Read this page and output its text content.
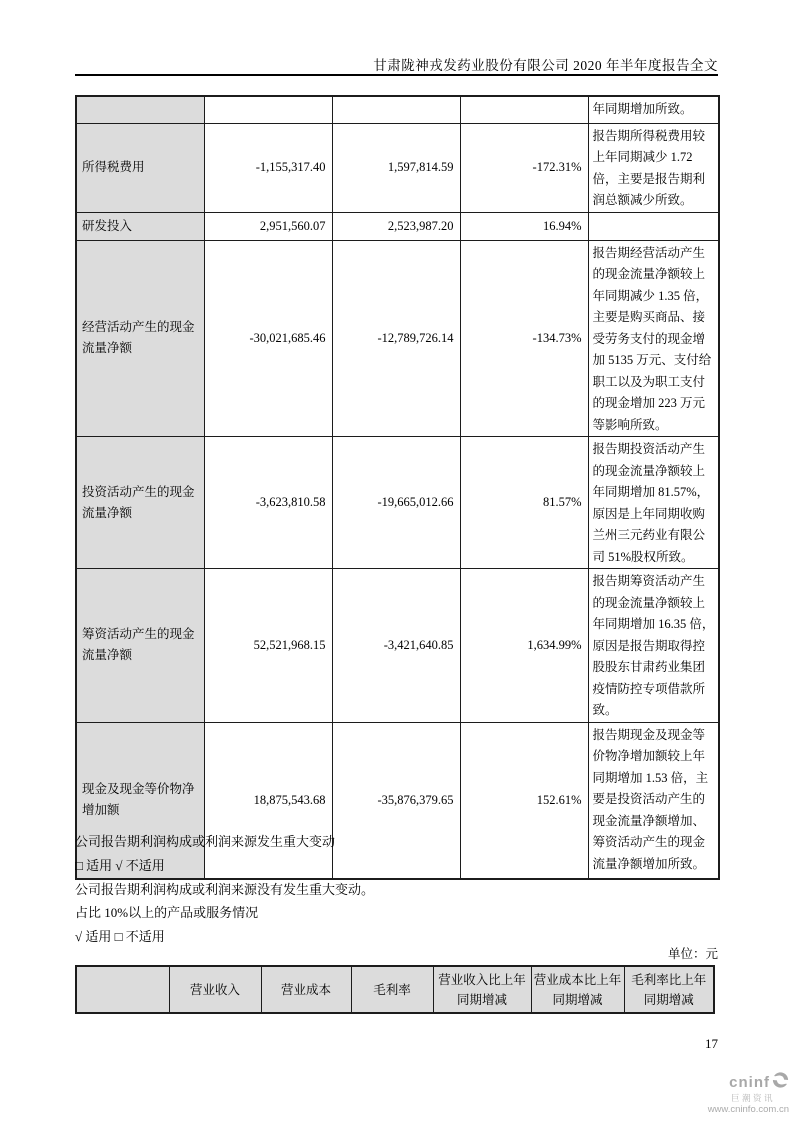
甘肃陇神戎发药业股份有限公司 2020 年半年度报告全文
				年同期增加所致。
所得税费用	-1,155,317.40	1,597,814.59	-172.31%	报告期所得税费用较上年同期减少 1.72 倍，主要是报告期利润总额减少所致。
研发投入	2,951,560.07	2,523,987.20	16.94%	
经营活动产生的现金流量净额	-30,021,685.46	-12,789,726.14	-134.73%	报告期经营活动产生的现金流量净额较上年同期减少 1.35 倍，主要是购买商品、接受劳务支付的现金增加 5135 万元、支付给职工以及为职工支付的现金增加 223 万元等影响所致。
投资活动产生的现金流量净额	-3,623,810.58	-19,665,012.66	81.57%	报告期投资活动产生的现金流量净额较上年同期增加 81.57%，原因是上年同期收购兰州三元药业有限公司 51%股权所致。
筹资活动产生的现金流量净额	52,521,968.15	-3,421,640.85	1,634.99%	报告期筹资活动产生的现金流量净额较上年同期增加 16.35 倍，原因是报告期取得控股股东甘肃药业集团疫情防控专项借款所致。
现金及现金等价物净增加额	18,875,543.68	-35,876,379.65	152.61%	报告期现金及现金等价物净增加额较上年同期增加 1.53 倍，主要是投资活动产生的现金流量净额增加、筹资活动产生的现金流量净额增加所致。
公司报告期利润构成或利润来源发生重大变动
□ 适用 √ 不适用
公司报告期利润构成或利润来源没有发生重大变动。
占比 10%以上的产品或服务情况
√ 适用 □ 不适用
单位：元
	营业收入	营业成本	毛利率	营业收入比上年同期增减	营业成本比上年同期增减	毛利率比上年同期增减
17
cninf
巨潮资讯
www.cninfo.com.cn
